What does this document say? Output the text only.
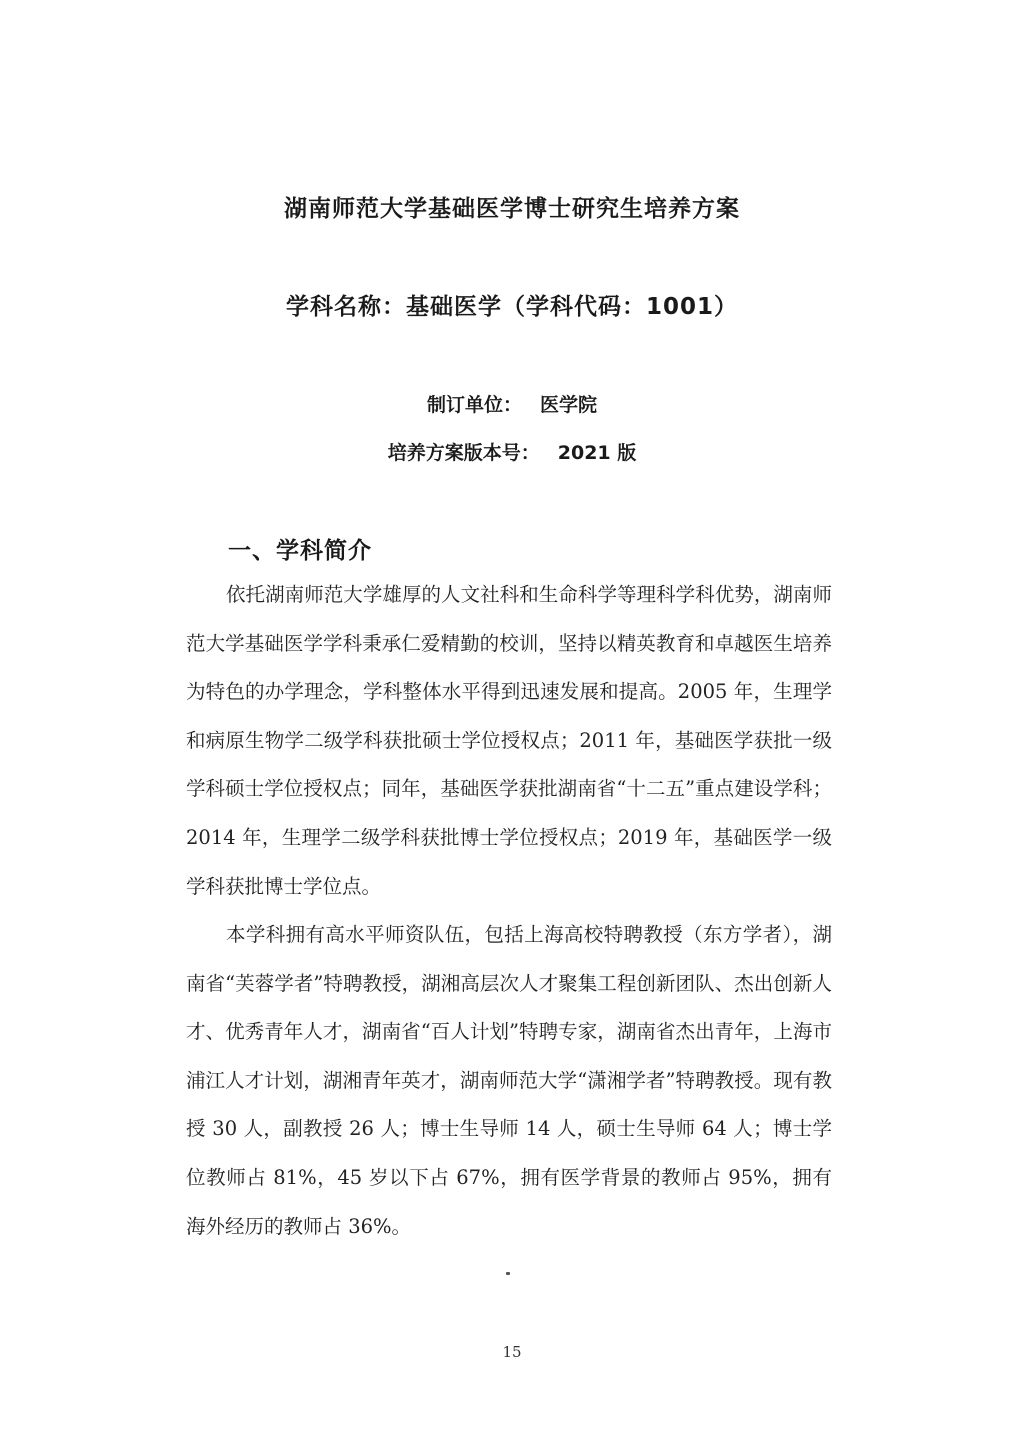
湖南师范大学基础医学博士研究生培养方案
学科名称：基础医学（学科代码：1001）
制订单位： 医学院
培养方案版本号： 2021 版
一、学科简介

依托湖南师范大学雄厚的人文社科和生命科学等理科学科优势，湖南师范大学基础医学学科秉承仁爱精勤的校训，坚持以精英教育和卓越医生培养为特色的办学理念，学科整体水平得到迅速发展和提高。2005 年，生理学和病原生物学二级学科获批硕士学位授权点；2011 年，基础医学获批一级学科硕士学位授权点；同年，基础医学获批湖南省“十二五”重点建设学科；2014 年，生理学二级学科获批博士学位授权点；2019 年，基础医学一级学科获批博士学位点。

本学科拥有高水平师资队伍，包括上海高校特聘教授（东方学者），湖南省“芙蓉学者”特聘教授，湖湘高层次人才聚集工程创新团队、杰出创新人才、优秀青年人才，湖南省“百人计划”特聘专家，湖南省杰出青年，上海市浦江人才计划，湖湘青年英才，湖南师范大学“潇湘学者”特聘教授。现有教授 30 人，副教授 26 人；博士生导师 14 人，硕士生导师 64 人；博士学位教师占 81%，45 岁以下占 67%，拥有医学背景的教师占 95%，拥有海外经历的教师占 36%。

15
